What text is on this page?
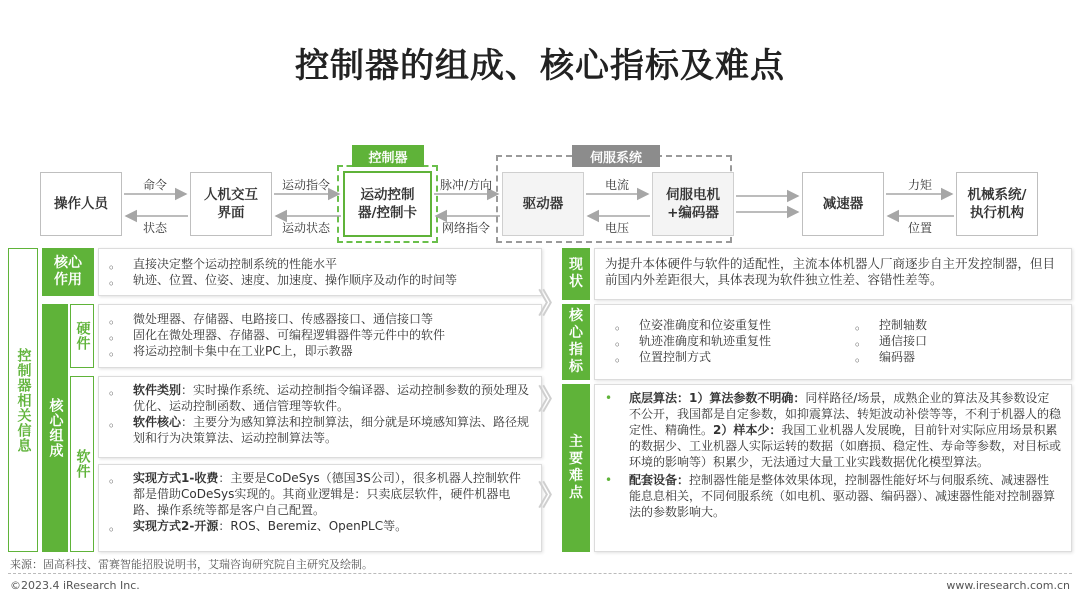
控制器的组成、核心指标及难点
控制器	伺服系统
操作人员
人机交互
界面
运动控制
器/控制卡
驱动器
伺服电机
+编码器
减速器
机械系统/
执行机构
命令
状态
运动指令
运动状态
脉冲/方向
网络指令
电流
电压
力矩
位置
控制器相关信息
核心
作用
。 直接决定整个运动控制系统的性能水平
。 轨迹、位置、位姿、速度、加速度、操作顺序及动作的时间等
核心组成
硬件
。 微处理器、存储器、电路接口、传感器接口、通信接口等
。 固化在微处理器、存储器、可编程逻辑器件等元件中的软件
。 将运动控制卡集中在工业PC上，即示教器
软件
。 软件类别：实时操作系统、运动控制指令编译器、运动控制参数的预处理及优化、运动控制函数、通信管理等软件。
。 软件核心：主要分为感知算法和控制算法，细分就是环境感知算法、路径规划和行为决策算法、运动控制算法等。
。 实现方式1-收费：主要是CoDeSys（德国3S公司），很多机器人控制软件都是借助CoDeSys实现的。其商业逻辑是：只卖底层软件，硬件机器电路、操作系统等都是客户自己配置。
。 实现方式2-开源：ROS、Beremiz、OpenPLC等。
》
》
》
现
状
为提升本体硬件与软件的适配性，主流本体机器人厂商逐步自主开发控制器，但目前国内外差距很大，具体表现为软件独立性差、容错性差等。
核
心
指
标
。 位姿准确度和位姿重复性
。 轨迹准确度和轨迹重复性
。 位置控制方式
。 控制轴数
。 通信接口
。 编码器
主
要
难
点
•	底层算法：1）算法参数不明确：同样路径/场景，成熟企业的算法及其参数设定不公开，我国都是自定参数，如抑震算法、转矩波动补偿等等，不利于机器人的稳定性、精确性。2）样本少：我国工业机器人发展晚，目前针对实际应用场景积累的数据少、工业机器人实际运转的数据（如磨损、稳定性、寿命等参数，对目标或环境的影响等）积累少，无法通过大量工业实践数据优化模型算法。
•	配套设备：控制器性能是整体效果体现，控制器性能好坏与伺服系统、减速器性能息息相关，不同伺服系统（如电机、驱动器、编码器）、减速器性能对控制器算法的参数影响大。
来源：固高科技、雷赛智能招股说明书，艾瑞咨询研究院自主研究及绘制。
©2023.4 iResearch Inc.	www.iresearch.com.cn
